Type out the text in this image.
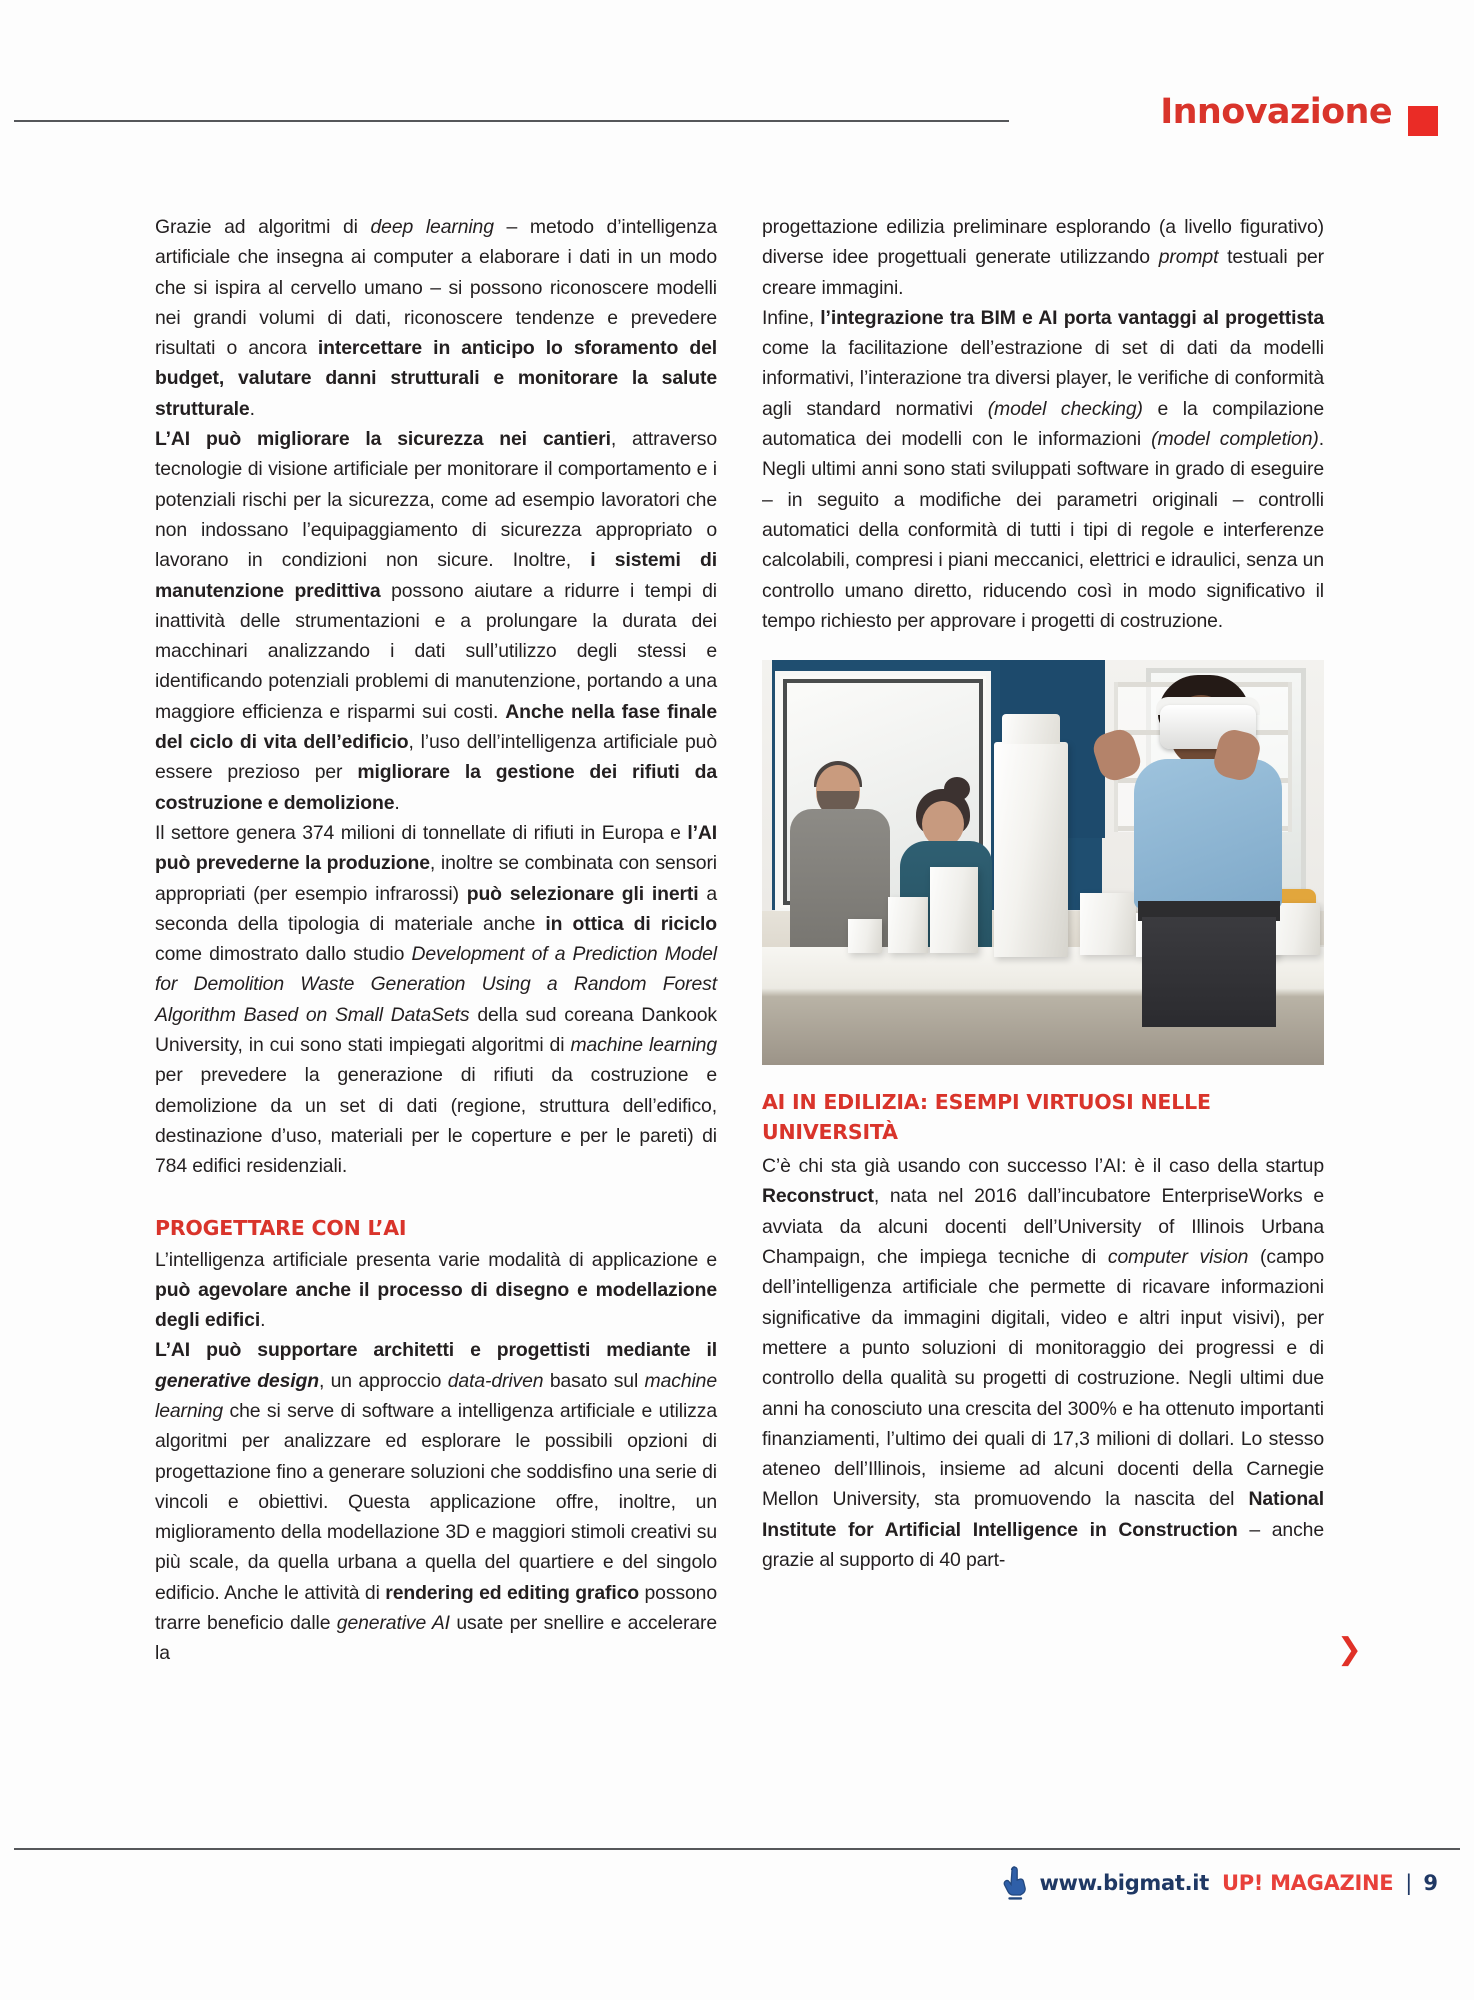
Innovazione

Grazie ad algoritmi di deep learning – metodo d’intelligenza artificiale che insegna ai computer a elaborare i dati in un modo che si ispira al cervello umano – si possono riconoscere modelli nei grandi volumi di dati, riconoscere tendenze e prevedere risultati o ancora intercettare in anticipo lo sforamento del budget, valutare danni strutturali e monitorare la salute strutturale.

L’AI può migliorare la sicurezza nei cantieri, attraverso tecnologie di visione artificiale per monitorare il comportamento e i potenziali rischi per la sicurezza, come ad esempio lavoratori che non indossano l’equipaggiamento di sicurezza appropriato o lavorano in condizioni non sicure. Inoltre, i sistemi di manutenzione predittiva possono aiutare a ridurre i tempi di inattività delle strumentazioni e a prolungare la durata dei macchinari analizzando i dati sull’utilizzo degli stessi e identificando potenziali problemi di manutenzione, portando a una maggiore efficienza e risparmi sui costi. Anche nella fase finale del ciclo di vita dell’edificio, l’uso dell’intelligenza artificiale può essere prezioso per migliorare la gestione dei rifiuti da costruzione e demolizione.

Il settore genera 374 milioni di tonnellate di rifiuti in Europa e l’AI può prevederne la produzione, inoltre se combinata con sensori appropriati (per esempio infrarossi) può selezionare gli inerti a seconda della tipologia di materiale anche in ottica di riciclo come dimostrato dallo studio Development of a Prediction Model for Demolition Waste Generation Using a Random Forest Algorithm Based on Small DataSets della sud coreana Dankook University, in cui sono stati impiegati algoritmi di machine learning per prevedere la generazione di rifiuti da costruzione e demolizione da un set di dati (regione, struttura dell’edifico, destinazione d’uso, materiali per le coperture e per le pareti) di 784 edifici residenziali.

PROGETTARE CON L’AI

L’intelligenza artificiale presenta varie modalità di applicazione e può agevolare anche il processo di disegno e modellazione degli edifici.

L’AI può supportare architetti e progettisti mediante il generative design, un approccio data-driven basato sul machine learning che si serve di software a intelligenza artificiale e utilizza algoritmi per analizzare ed esplorare le possibili opzioni di progettazione fino a generare soluzioni che soddisfino una serie di vincoli e obiettivi. Questa applicazione offre, inoltre, un miglioramento della modellazione 3D e maggiori stimoli creativi su più scale, da quella urbana a quella del quartiere e del singolo edificio. Anche le attività di rendering ed editing grafico possono trarre beneficio dalle generative AI usate per snellire e accelerare la

progettazione edilizia preliminare esplorando (a livello figurativo) diverse idee progettuali generate utilizzando prompt testuali per creare immagini.

Infine, l’integrazione tra BIM e AI porta vantaggi al progettista come la facilitazione dell’estrazione di set di dati da modelli informativi, l’interazione tra diversi player, le verifiche di conformità agli standard normativi (model checking) e la compilazione automatica dei modelli con le informazioni (model completion). Negli ultimi anni sono stati sviluppati software in grado di eseguire – in seguito a modifiche dei parametri originali – controlli automatici della conformità di tutti i tipi di regole e interferenze calcolabili, compresi i piani meccanici, elettrici e idraulici, senza un controllo umano diretto, riducendo così in modo significativo il tempo richiesto per approvare i progetti di costruzione.

AI IN EDILIZIA: ESEMPI VIRTUOSI NELLE

UNIVERSITÀ

C’è chi sta già usando con successo l’AI: è il caso della startup Reconstruct, nata nel 2016 dall’incubatore EnterpriseWorks e avviata da alcuni docenti dell’University of Illinois Urbana Champaign, che impiega tecniche di computer vision (campo dell’intelligenza artificiale che permette di ricavare informazioni significative da immagini digitali, video e altri input visivi), per mettere a punto soluzioni di monitoraggio dei progressi e di controllo della qualità su progetti di costruzione. Negli ultimi due anni ha conosciuto una crescita del 300% e ha ottenuto importanti finanziamenti, l’ultimo dei quali di 17,3 milioni di dollari. Lo stesso ateneo dell’Illinois, insieme ad alcuni docenti della Carnegie Mellon University, sta promuovendo la nascita del National Institute for Artificial Intelligence in Construction – anche grazie al supporto di 40 part-

❯
www.bigmat.it UP! MAGAZINE | 9
